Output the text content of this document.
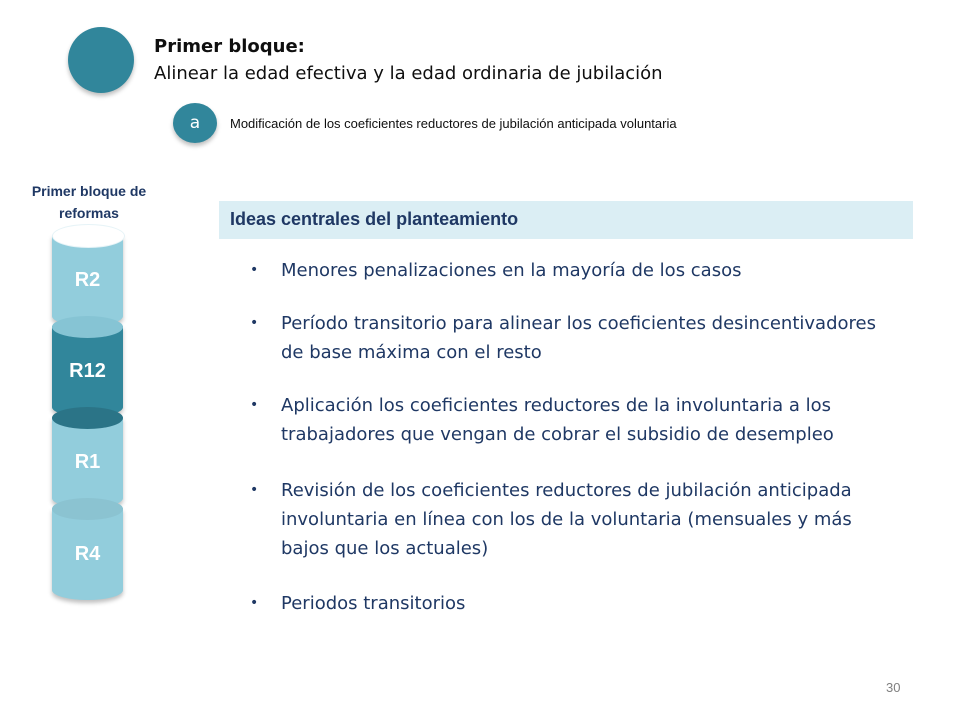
Primer bloque:
Alinear la edad efectiva y la edad ordinaria de jubilación
a	Modificación de los coeficientes reductores de jubilación anticipada voluntaria
Primer bloque de reformas
R4
R1
R12
R2
Ideas centrales del planteamiento
• Menores penalizaciones en la mayoría de los casos
• Período transitorio para alinear los coeficientes desincentivadores de base máxima con el resto
• Aplicación los coeficientes reductores de la involuntaria a los trabajadores que vengan de cobrar el subsidio de desempleo
• Revisión de los coeficientes reductores de jubilación anticipada involuntaria en línea con los de la voluntaria (mensuales y más bajos que los actuales)
• Periodos transitorios
30
